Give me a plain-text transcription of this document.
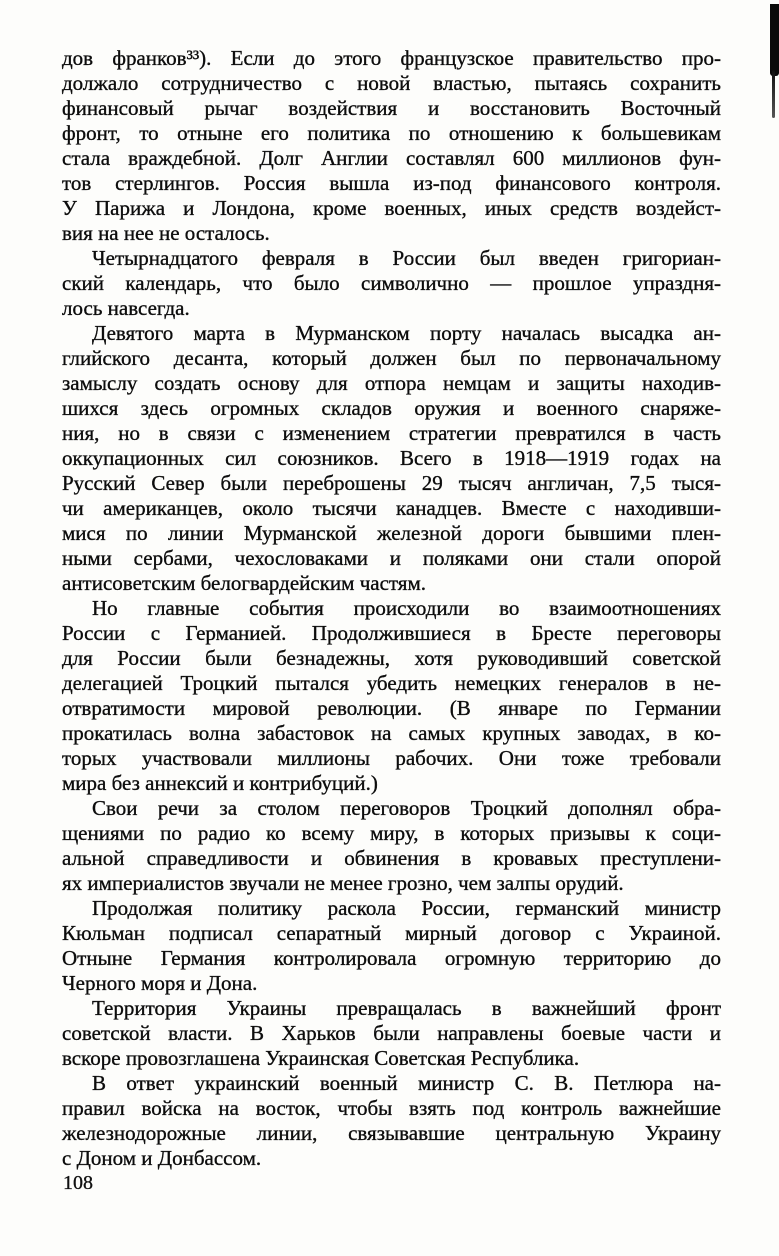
дов франков³³). Если до этого французское правительство про-
должало сотрудничество с новой властью, пытаясь сохранить
финансовый рычаг воздействия и восстановить Восточный
фронт, то отныне его политика по отношению к большевикам
стала враждебной. Долг Англии составлял 600 миллионов фун-
тов стерлингов. Россия вышла из-под финансового контроля.
У Парижа и Лондона, кроме военных, иных средств воздейст-
вия на нее не осталось.

Четырнадцатого февраля в России был введен григориан-
ский календарь, что было символично — прошлое упраздня-
лось навсегда.

Девятого марта в Мурманском порту началась высадка ан-
глийского десанта, который должен был по первоначальному
замыслу создать основу для отпора немцам и защиты находив-
шихся здесь огромных складов оружия и военного снаряже-
ния, но в связи с изменением стратегии превратился в часть
оккупационных сил союзников. Всего в 1918—1919 годах на
Русский Север были переброшены 29 тысяч англичан, 7,5 тыся-
чи американцев, около тысячи канадцев. Вместе с находивши-
мися по линии Мурманской железной дороги бывшими плен-
ными сербами, чехословаками и поляками они стали опорой
антисоветским белогвардейским частям.

Но главные события происходили во взаимоотношениях
России с Германией. Продолжившиеся в Бресте переговоры
для России были безнадежны, хотя руководивший советской
делегацией Троцкий пытался убедить немецких генералов в не-
отвратимости мировой революции. (В январе по Германии
прокатилась волна забастовок на самых крупных заводах, в ко-
торых участвовали миллионы рабочих. Они тоже требовали
мира без аннексий и контрибуций.)

Свои речи за столом переговоров Троцкий дополнял обра-
щениями по радио ко всему миру, в которых призывы к соци-
альной справедливости и обвинения в кровавых преступлени-
ях империалистов звучали не менее грозно, чем залпы орудий.

Продолжая политику раскола России, германский министр
Кюльман подписал сепаратный мирный договор с Украиной.
Отныне Германия контролировала огромную территорию до
Черного моря и Дона.

Территория Украины превращалась в важнейший фронт
советской власти. В Харьков были направлены боевые части и
вскоре провозглашена Украинская Советская Республика.

В ответ украинский военный министр С. В. Петлюра на-
правил войска на восток, чтобы взять под контроль важнейшие
железнодорожные линии, связывавшие центральную Украину
с Доном и Донбассом.

108
